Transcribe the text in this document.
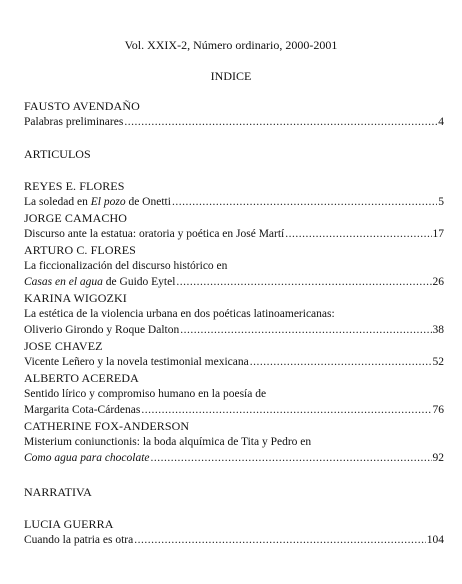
Vol. XXIX-2, Número ordinario, 2000-2001
INDICE
FAUSTO AVENDAÑO
Palabras preliminares .....	4
ARTICULOS
REYES E. FLORES
La soledad en El pozo de Onetti .....	5
JORGE CAMACHO
Discurso ante la estatua: oratoria y poética en José Martí .....	17
ARTURO C. FLORES
La ficcionalización del discurso histórico en
Casas en el agua de Guido Eytel .....	26
KARINA WIGOZKI
La estética de la violencia urbana en dos poéticas latinoamericanas:
Oliverio Girondo y Roque Dalton .....	38
JOSE CHAVEZ
Vicente Leñero y la novela testimonial mexicana .....	52
ALBERTO ACEREDA
Sentido lírico y compromiso humano en la poesía de
Margarita Cota-Cárdenas .....	76
CATHERINE FOX-ANDERSON
Misterium coniunctionis: la boda alquímica de Tita y Pedro en
Como agua para chocolate .....	92
NARRATIVA
LUCIA GUERRA
Cuando la patria es otra .....	104
